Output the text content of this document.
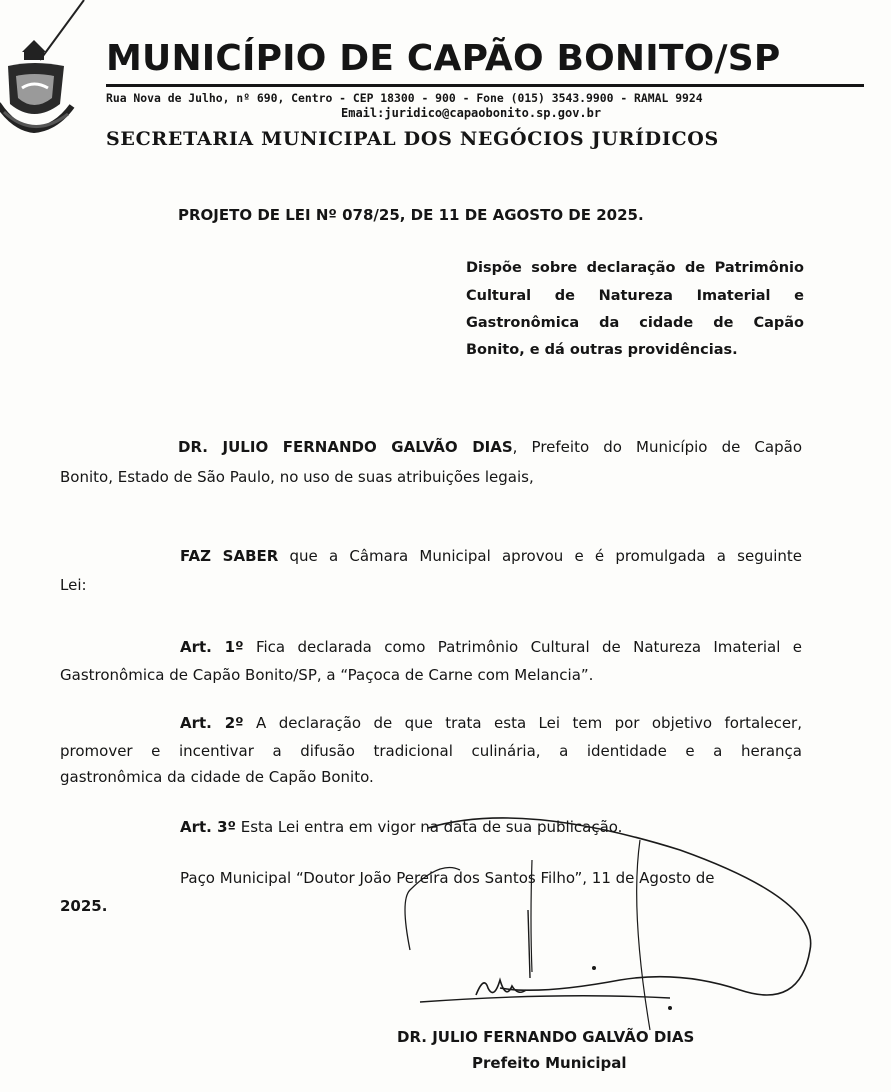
MUNICÍPIO DE CAPÃO BONITO/SP
Rua Nova de Julho, nº 690, Centro - CEP 18300 - 900 - Fone (015) 3543.9900 - RAMAL 9924
Email:juridico@capaobonito.sp.gov.br
SECRETARIA MUNICIPAL DOS NEGÓCIOS JURÍDICOS
PROJETO DE LEI Nº 078/25, DE 11 DE AGOSTO DE 2025.
Dispõe sobre declaração de Patrimônio
Cultural de Natureza Imaterial e
Gastronômica da cidade de Capão
Bonito, e dá outras providências.
DR. JULIO FERNANDO GALVÃO DIAS, Prefeito do Município de Capão
Bonito, Estado de São Paulo, no uso de suas atribuições legais,
FAZ SABER que a Câmara Municipal aprovou e é promulgada a seguinte
Lei:
Art. 1º Fica declarada como Patrimônio Cultural de Natureza Imaterial e
Gastronômica de Capão Bonito/SP, a “Paçoca de Carne com Melancia”.
Art. 2º A declaração de que trata esta Lei tem por objetivo fortalecer,
promover e incentivar a difusão tradicional culinária, a identidade e a herança
gastronômica da cidade de Capão Bonito.
Art. 3º Esta Lei entra em vigor na data de sua publicação.
Paço Municipal “Doutor João Pereira dos Santos Filho”, 11 de Agosto de
2025.
DR. JULIO FERNANDO GALVÃO DIAS
Prefeito Municipal
